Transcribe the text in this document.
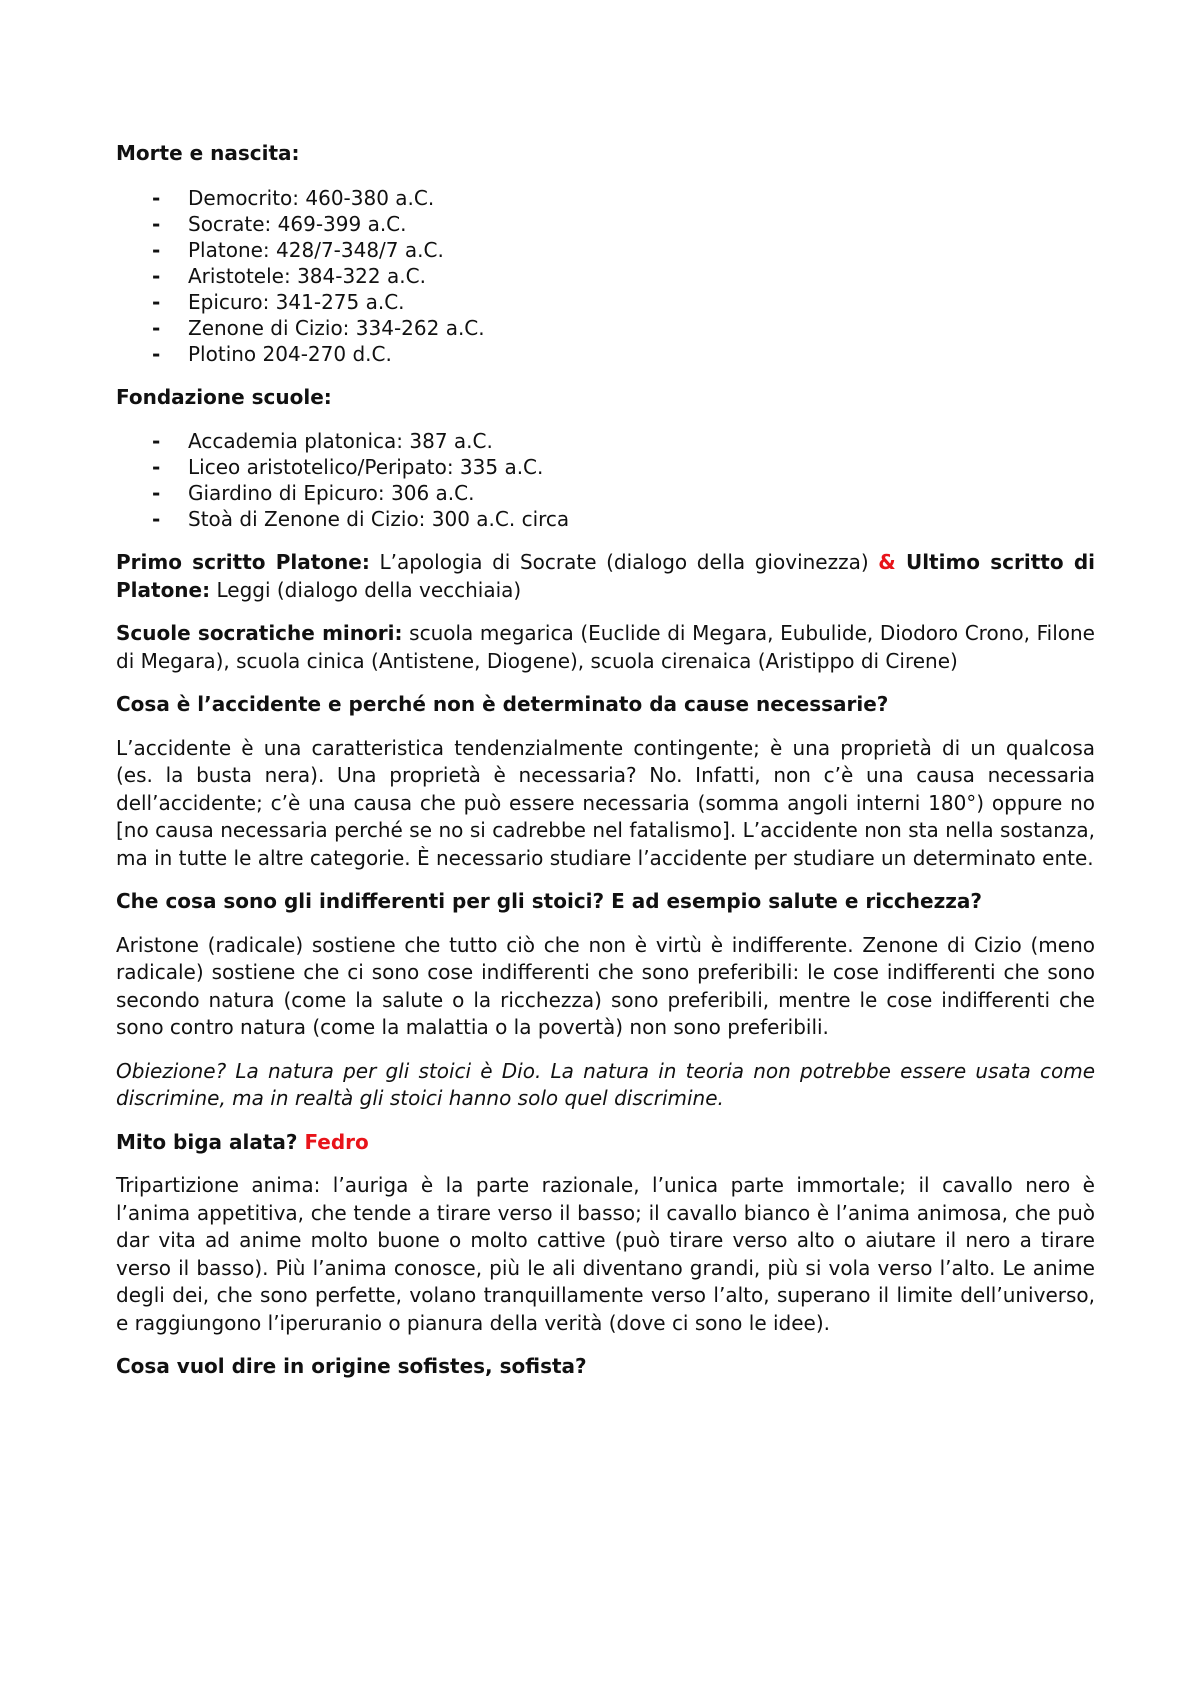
Morte e nascita:

- Democrito: 460-380 a.C.
- Socrate: 469-399 a.C.
- Platone: 428/7-348/7 a.C.
- Aristotele: 384-322 a.C.
- Epicuro: 341-275 a.C.
- Zenone di Cizio: 334-262 a.C.
- Plotino 204-270 d.C.

Fondazione scuole:

- Accademia platonica: 387 a.C.
- Liceo aristotelico/Peripato: 335 a.C.
- Giardino di Epicuro: 306 a.C.
- Stoà di Zenone di Cizio: 300 a.C. circa

Primo scritto Platone: L’apologia di Socrate (dialogo della giovinezza) & Ultimo scritto di Platone: Leggi (dialogo della vecchiaia)

Scuole socratiche minori: scuola megarica (Euclide di Megara, Eubulide, Diodoro Crono, Filone di Megara), scuola cinica (Antistene, Diogene), scuola cirenaica (Aristippo di Cirene)

Cosa è l’accidente e perché non è determinato da cause necessarie?

L’accidente è una caratteristica tendenzialmente contingente; è una proprietà di un qualcosa (es. la busta nera). Una proprietà è necessaria? No. Infatti, non c’è una causa necessaria dell’accidente; c’è una causa che può essere necessaria (somma angoli interni 180°) oppure no [no causa necessaria perché se no si cadrebbe nel fatalismo]. L’accidente non sta nella sostanza, ma in tutte le altre categorie. È necessario studiare l’accidente per studiare un determinato ente.

Che cosa sono gli indifferenti per gli stoici? E ad esempio salute e ricchezza?

Aristone (radicale) sostiene che tutto ciò che non è virtù è indifferente. Zenone di Cizio (meno radicale) sostiene che ci sono cose indifferenti che sono preferibili: le cose indifferenti che sono secondo natura (come la salute o la ricchezza) sono preferibili, mentre le cose indifferenti che sono contro natura (come la malattia o la povertà) non sono preferibili.

Obiezione? La natura per gli stoici è Dio. La natura in teoria non potrebbe essere usata come discrimine, ma in realtà gli stoici hanno solo quel discrimine.

Mito biga alata? Fedro

Tripartizione anima: l’auriga è la parte razionale, l’unica parte immortale; il cavallo nero è l’anima appetitiva, che tende a tirare verso il basso; il cavallo bianco è l’anima animosa, che può dar vita ad anime molto buone o molto cattive (può tirare verso alto o aiutare il nero a tirare verso il basso). Più l’anima conosce, più le ali diventano grandi, più si vola verso l’alto. Le anime degli dei, che sono perfette, volano tranquillamente verso l’alto, superano il limite dell’universo, e raggiungono l’iperuranio o pianura della verità (dove ci sono le idee).

Cosa vuol dire in origine sofistes, sofista?
